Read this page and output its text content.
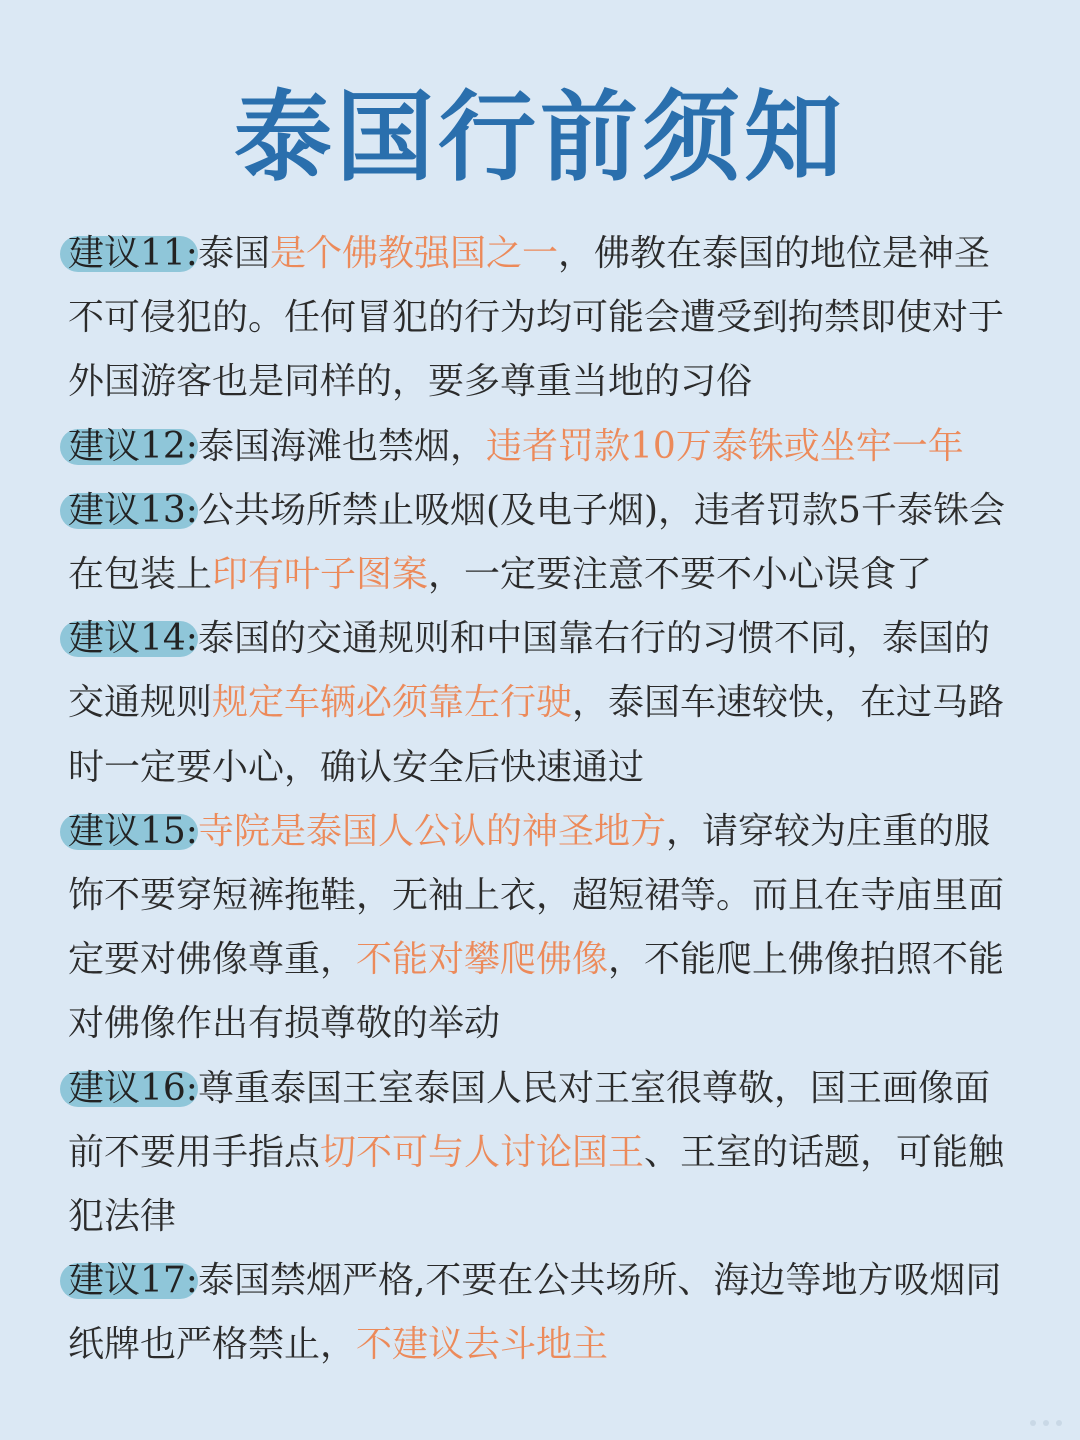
泰国行前须知

建议11:泰国是个佛教强国之一，佛教在泰国的地位是神圣不可侵犯的。任何冒犯的行为均可能会遭受到拘禁即使对于外国游客也是同样的，要多尊重当地的习俗

建议12:泰国海滩也禁烟，违者罚款10万泰铢或坐牢一年

建议13:公共场所禁止吸烟(及电子烟)，违者罚款5千泰铢会在包装上印有叶子图案，一定要注意不要不小心误食了

建议14:泰国的交通规则和中国靠右行的习惯不同，泰国的交通规则规定车辆必须靠左行驶，泰国车速较快，在过马路时一定要小心，确认安全后快速通过

建议15:寺院是泰国人公认的神圣地方，请穿较为庄重的服饰不要穿短裤拖鞋，无袖上衣，超短裙等。而且在寺庙里面定要对佛像尊重，不能对攀爬佛像，不能爬上佛像拍照不能对佛像作出有损尊敬的举动

建议16:尊重泰国王室泰国人民对王室很尊敬，国王画像面前不要用手指点切不可与人讨论国王、王室的话题，可能触犯法律

建议17:泰国禁烟严格,不要在公共场所、海边等地方吸烟同纸牌也严格禁止，不建议去斗地主
